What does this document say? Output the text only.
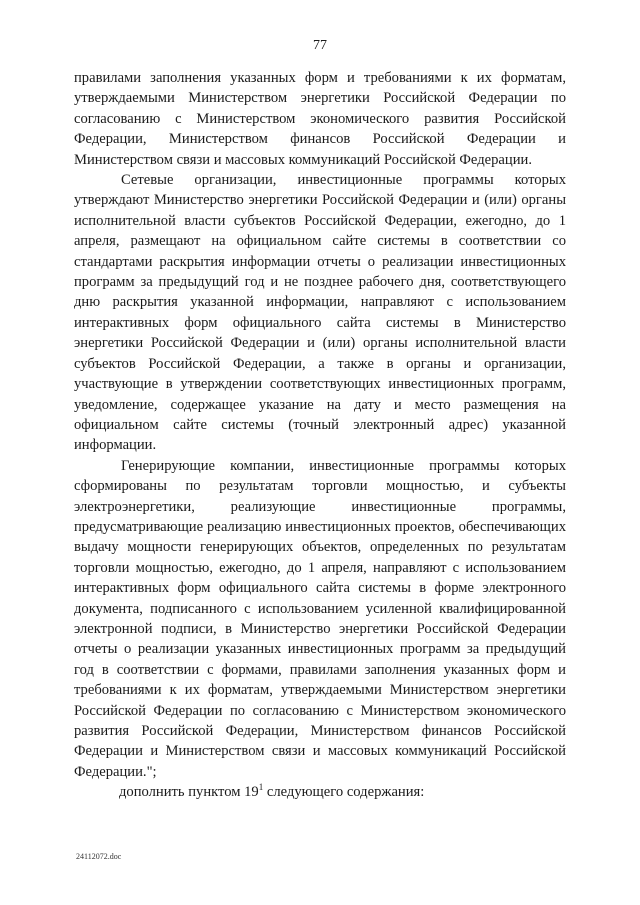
77

правилами заполнения указанных форм и требованиями к их форматам, утверждаемыми Министерством энергетики Российской Федерации по согласованию с Министерством экономического развития Российской Федерации, Министерством финансов Российской Федерации и Министерством связи и массовых коммуникаций Российской Федерации.

Сетевые организации, инвестиционные программы которых утверждают Министерство энергетики Российской Федерации и (или) органы исполнительной власти субъектов Российской Федерации, ежегодно, до 1 апреля, размещают на официальном сайте системы в соответствии со стандартами раскрытия информации отчеты о реализации инвестиционных программ за предыдущий год и не позднее рабочего дня, соответствующего дню раскрытия указанной информации, направляют с использованием интерактивных форм официального сайта системы в Министерство энергетики Российской Федерации и (или) органы исполнительной власти субъектов Российской Федерации, а также в органы и организации, участвующие в утверждении соответствующих инвестиционных программ, уведомление, содержащее указание на дату и место размещения на официальном сайте системы (точный электронный адрес) указанной информации.

Генерирующие компании, инвестиционные программы которых сформированы по результатам торговли мощностью, и субъекты электроэнергетики, реализующие инвестиционные программы, предусматривающие реализацию инвестиционных проектов, обеспечивающих выдачу мощности генерирующих объектов, определенных по результатам торговли мощностью, ежегодно, до 1 апреля, направляют с использованием интерактивных форм официального сайта системы в форме электронного документа, подписанного с использованием усиленной квалифицированной электронной подписи, в Министерство энергетики Российской Федерации отчеты о реализации указанных инвестиционных программ за предыдущий год в соответствии с формами, правилами заполнения указанных форм и требованиями к их форматам, утверждаемыми Министерством энергетики Российской Федерации по согласованию с Министерством экономического развития Российской Федерации, Министерством финансов Российской Федерации и Министерством связи и массовых коммуникаций Российской Федерации.";

дополнить пунктом $19^1$ следующего содержания:

24112072.doc
